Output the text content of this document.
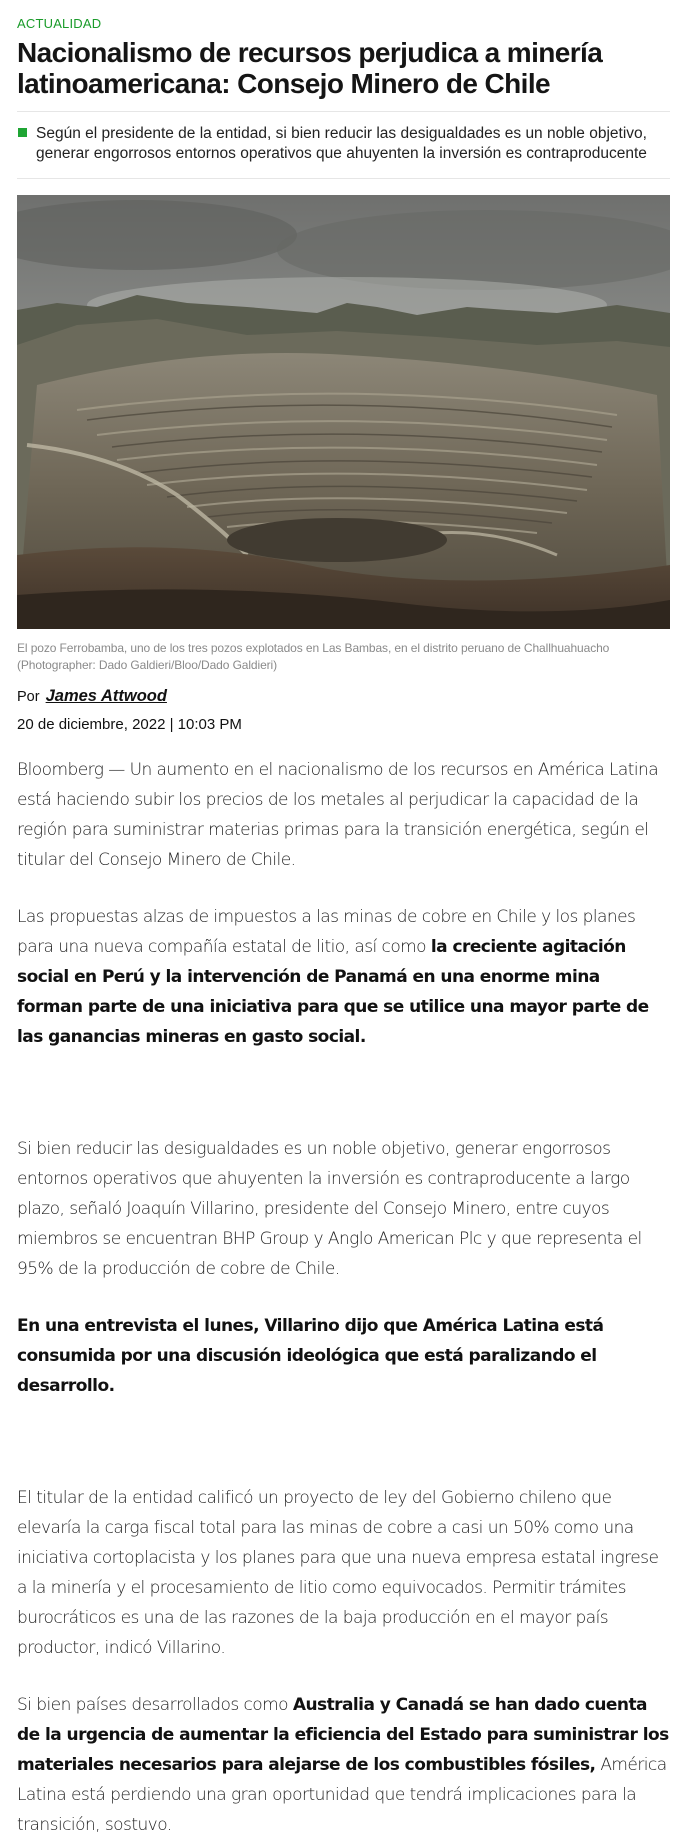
ACTUALIDAD
Nacionalismo de recursos perjudica a minería latinoamericana: Consejo Minero de Chile
Según el presidente de la entidad, si bien reducir las desigualdades es un noble objetivo, generar engorrosos entornos operativos que ahuyenten la inversión es contraproducente
El pozo Ferrobamba, uno de los tres pozos explotados en Las Bambas, en el distrito peruano de Challhuahuacho (Photographer: Dado Galdieri/Bloo/Dado Galdieri)
Por James Attwood
20 de diciembre, 2022 | 10:03 PM

Bloomberg — Un aumento en el nacionalismo de los recursos en América Latina está haciendo subir los precios de los metales al perjudicar la capacidad de la región para suministrar materias primas para la transición energética, según el titular del Consejo Minero de Chile.

Las propuestas alzas de impuestos a las minas de cobre en Chile y los planes para una nueva compañía estatal de litio, así como la creciente agitación social en Perú y la intervención de Panamá en una enorme mina forman parte de una iniciativa para que se utilice una mayor parte de las ganancias mineras en gasto social.

Si bien reducir las desigualdades es un noble objetivo, generar engorrosos entornos operativos que ahuyenten la inversión es contraproducente a largo plazo, señaló Joaquín Villarino, presidente del Consejo Minero, entre cuyos miembros se encuentran BHP Group y Anglo American Plc y que representa el 95% de la producción de cobre de Chile.

En una entrevista el lunes, Villarino dijo que América Latina está consumida por una discusión ideológica que está paralizando el desarrollo.

El titular de la entidad calificó un proyecto de ley del Gobierno chileno que elevaría la carga fiscal total para las minas de cobre a casi un 50% como una iniciativa cortoplacista y los planes para que una nueva empresa estatal ingrese a la minería y el procesamiento de litio como equivocados. Permitir trámites burocráticos es una de las razones de la baja producción en el mayor país productor, indicó Villarino.

Si bien países desarrollados como Australia y Canadá se han dado cuenta de la urgencia de aumentar la eficiencia del Estado para suministrar los materiales necesarios para alejarse de los combustibles fósiles, América Latina está perdiendo una gran oportunidad que tendrá implicaciones para la transición, sostuvo.
